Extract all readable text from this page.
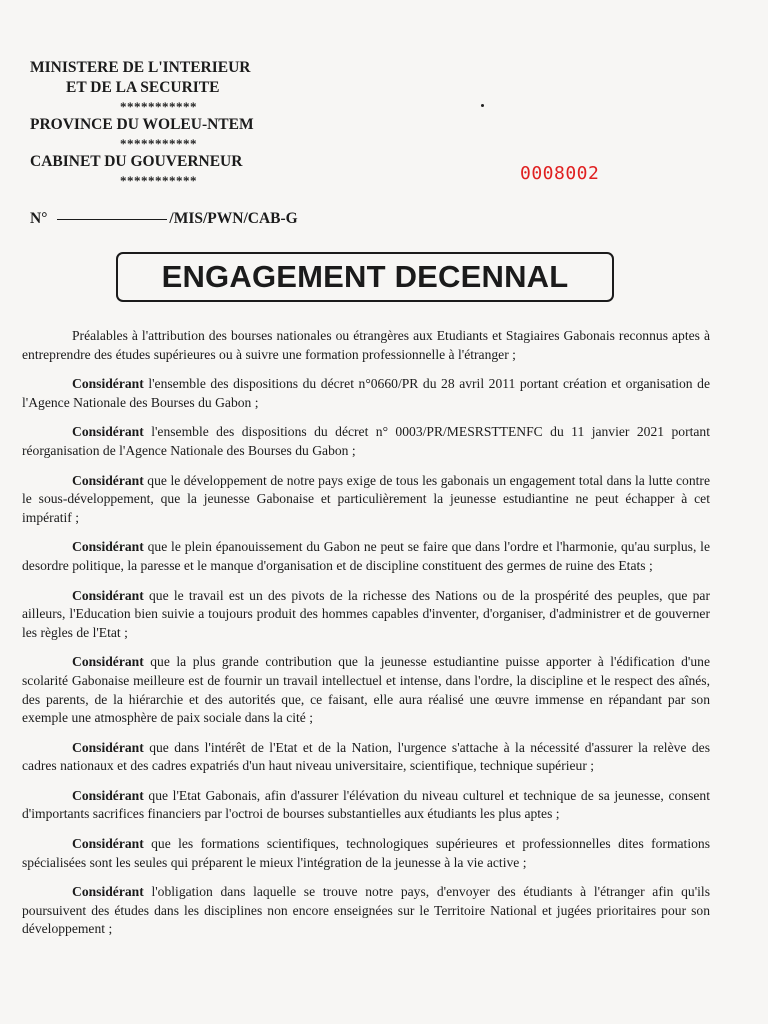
MINISTERE DE L'INTERIEUR
ET DE LA SECURITE
***********
PROVINCE DU WOLEU-NTEM
***********
CABINET DU GOUVERNEUR
***********
N°	/MIS/PWN/CAB-G
0008002
ENGAGEMENT DECENNAL

Préalables à l'attribution des bourses nationales ou étrangères aux Etudiants et Stagiaires Gabonais reconnus aptes à entreprendre des études supérieures ou à suivre une formation professionnelle à l'étranger ;

Considérant l'ensemble des dispositions du décret n°0660/PR du 28 avril 2011 portant création et organisation de l'Agence Nationale des Bourses du Gabon ;

Considérant l'ensemble des dispositions du décret n° 0003/PR/MESRSTTENFC du 11 janvier 2021 portant réorganisation de l'Agence Nationale des Bourses du Gabon ;

Considérant que le développement de notre pays exige de tous les gabonais un engagement total dans la lutte contre le sous-développement, que la jeunesse Gabonaise et particulièrement la jeunesse estudiantine ne peut échapper à cet impératif ;

Considérant que le plein épanouissement du Gabon ne peut se faire que dans l'ordre et l'harmonie, qu'au surplus, le desordre politique, la paresse et le manque d'organisation et de discipline constituent des germes de ruine des Etats ;

Considérant que le travail est un des pivots de la richesse des Nations ou de la prospérité des peuples, que par ailleurs, l'Education bien suivie a toujours produit des hommes capables d'inventer, d'organiser, d'administrer et de gouverner les règles de l'Etat ;

Considérant que la plus grande contribution que la jeunesse estudiantine puisse apporter à l'édification d'une scolarité Gabonaise meilleure est de fournir un travail intellectuel et intense, dans l'ordre, la discipline et le respect des aînés, des parents, de la hiérarchie et des autorités que, ce faisant, elle aura réalisé une œuvre immense en répandant par son exemple une atmosphère de paix sociale dans la cité ;

Considérant que dans l'intérêt de l'Etat et de la Nation, l'urgence s'attache à la nécessité d'assurer la relève des cadres nationaux et des cadres expatriés d'un haut niveau universitaire, scientifique, technique supérieur ;

Considérant que l'Etat Gabonais, afin d'assurer l'élévation du niveau culturel et technique de sa jeunesse, consent d'importants sacrifices financiers par l'octroi de bourses substantielles aux étudiants les plus aptes ;

Considérant que les formations scientifiques, technologiques supérieures et professionnelles dites formations spécialisées sont les seules qui préparent le mieux l'intégration de la jeunesse à la vie active ;

Considérant l'obligation dans laquelle se trouve notre pays, d'envoyer des étudiants à l'étranger afin qu'ils poursuivent des études dans les disciplines non encore enseignées sur le Territoire National et jugées prioritaires pour son développement ;
